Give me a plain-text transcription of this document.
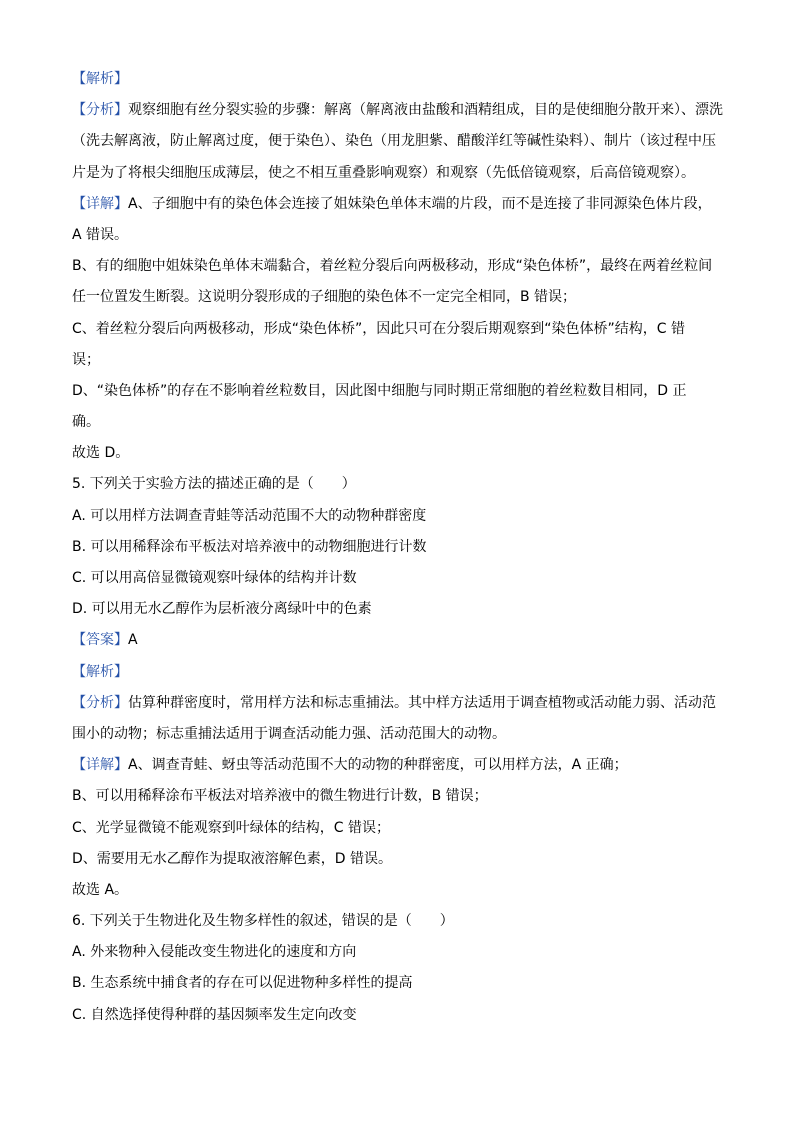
【解析】
【分析】观察细胞有丝分裂实验的步骤：解离（解离液由盐酸和酒精组成，目的是使细胞分散开来）、漂洗
（洗去解离液，防止解离过度，便于染色）、染色（用龙胆紫、醋酸洋红等碱性染料）、制片（该过程中压
片是为了将根尖细胞压成薄层，使之不相互重叠影响观察）和观察（先低倍镜观察，后高倍镜观察）。
【详解】A、子细胞中有的染色体会连接了姐妹染色单体末端的片段，而不是连接了非同源染色体片段，
A 错误。
B、有的细胞中姐妹染色单体末端黏合，着丝粒分裂后向两极移动，形成“染色体桥”，最终在两着丝粒间
任一位置发生断裂。这说明分裂形成的子细胞的染色体不一定完全相同，B 错误；
C、着丝粒分裂后向两极移动，形成“染色体桥”，因此只可在分裂后期观察到“染色体桥”结构，C 错
误；
D、“染色体桥”的存在不影响着丝粒数目，因此图中细胞与同时期正常细胞的着丝粒数目相同，D 正
确。
故选 D。
5. 下列关于实验方法的描述正确的是（　　）
A. 可以用样方法调查青蛙等活动范围不大的动物种群密度
B. 可以用稀释涂布平板法对培养液中的动物细胞进行计数
C. 可以用高倍显微镜观察叶绿体的结构并计数
D. 可以用无水乙醇作为层析液分离绿叶中的色素
【答案】A
【解析】
【分析】估算种群密度时，常用样方法和标志重捕法。其中样方法适用于调查植物或活动能力弱、活动范
围小的动物；标志重捕法适用于调查活动能力强、活动范围大的动物。
【详解】A、调查青蛙、蚜虫等活动范围不大的动物的种群密度，可以用样方法，A 正确；
B、可以用稀释涂布平板法对培养液中的微生物进行计数，B 错误；
C、光学显微镜不能观察到叶绿体的结构，C 错误；
D、需要用无水乙醇作为提取液溶解色素，D 错误。
故选 A。
6. 下列关于生物进化及生物多样性的叙述，错误的是（　　）
A. 外来物种入侵能改变生物进化的速度和方向
B. 生态系统中捕食者的存在可以促进物种多样性的提高
C. 自然选择使得种群的基因频率发生定向改变
